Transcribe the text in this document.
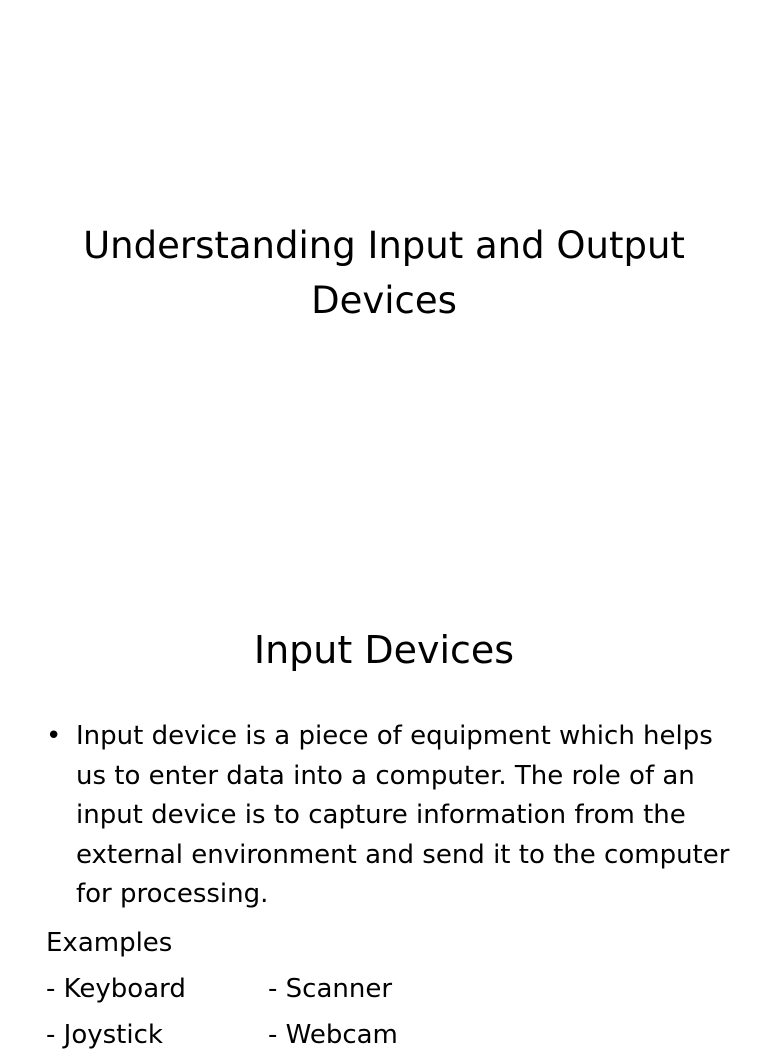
Understanding Input and Output Devices
Input Devices

• Input device is a piece of equipment which helps us to enter data into a computer. The role of an input device is to capture information from the external environment and send it to the computer for processing.

Examples

- Keyboard	- Scanner
- Joystick	- Webcam
